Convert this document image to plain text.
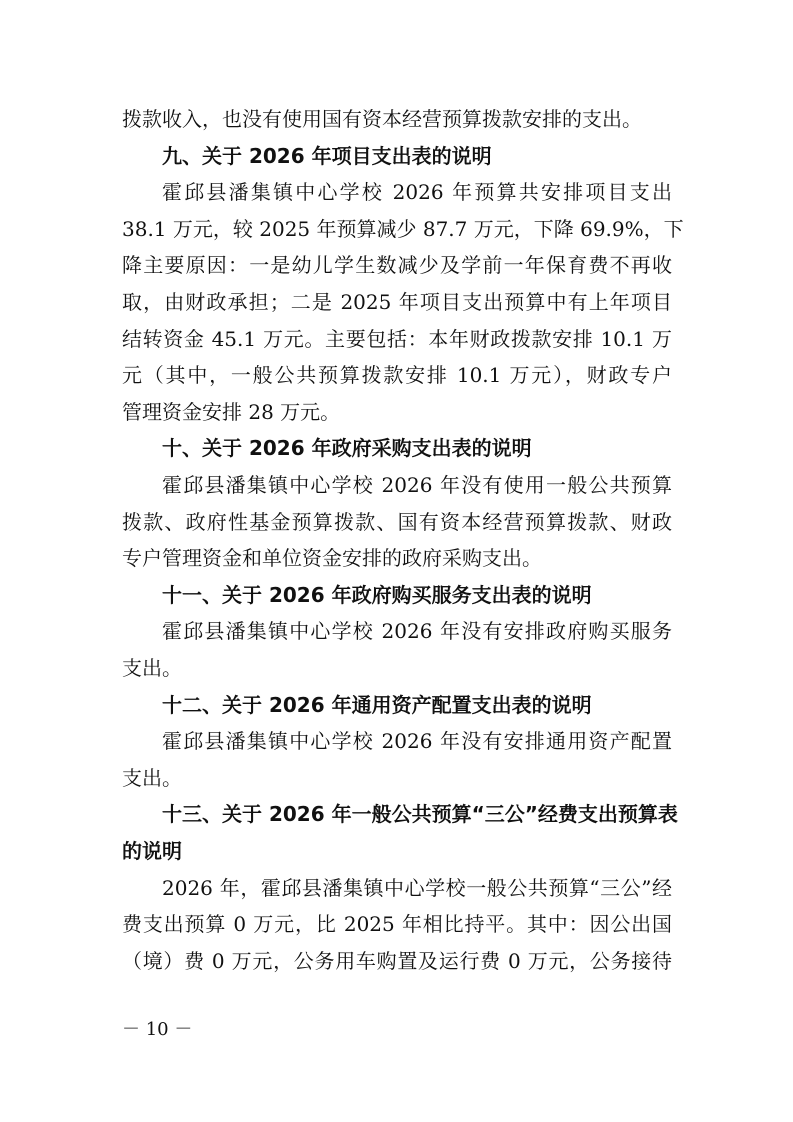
拨款收入，也没有使用国有资本经营预算拨款安排的支出。
九、关于 2026 年项目支出表的说明
霍邱县潘集镇中心学校 2026 年预算共安排项目支出
38.1 万元，较 2025 年预算减少 87.7 万元，下降 69.9%，下
降主要原因：一是幼儿学生数减少及学前一年保育费不再收
取，由财政承担；二是 2025 年项目支出预算中有上年项目
结转资金 45.1 万元。主要包括：本年财政拨款安排 10.1 万
元（其中，一般公共预算拨款安排 10.1 万元），财政专户
管理资金安排 28 万元。
十、关于 2026 年政府采购支出表的说明
霍邱县潘集镇中心学校 2026 年没有使用一般公共预算
拨款、政府性基金预算拨款、国有资本经营预算拨款、财政
专户管理资金和单位资金安排的政府采购支出。
十一、关于 2026 年政府购买服务支出表的说明
霍邱县潘集镇中心学校 2026 年没有安排政府购买服务
支出。
十二、关于 2026 年通用资产配置支出表的说明
霍邱县潘集镇中心学校 2026 年没有安排通用资产配置
支出。
十三、关于 2026 年一般公共预算“三公”经费支出预算表
的说明
2026 年，霍邱县潘集镇中心学校一般公共预算“三公”经
费支出预算 0 万元，比 2025 年相比持平。其中：因公出国
（境）费 0 万元，公务用车购置及运行费 0 万元，公务接待
－ 10 －
